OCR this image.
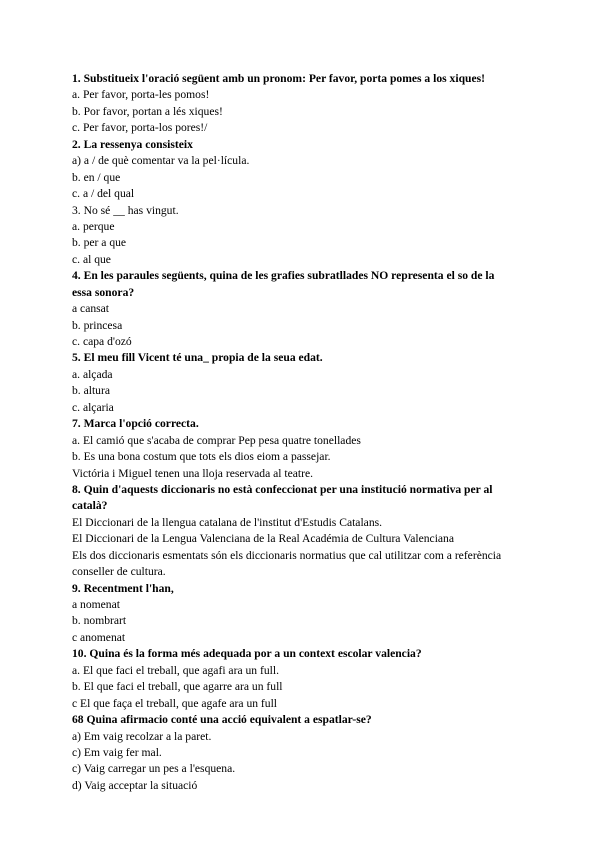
1. Substitueix l'oració següent amb un pronom: Per favor, porta pomes a los xiques!
a. Per favor, porta-les pomos!
b. Por favor, portan a lés xiques!
c. Per favor, porta-los pores!/
2. La ressenya consisteix
a) a / de què comentar va la pel·lícula.
b. en / que
c. a / del qual
3. No sé __ has vingut.
a. perque
b. per a que
c. al que
4. En les paraules següents, quina de les grafies subratllades NO representa el so de la
essa sonora?
a cansat
b. princesa
c. capa d'ozó
5. El meu fill Vicent té una_ propia de la seua edat.
a. alçada
b. altura
c. alçaria
7. Marca l'opció correcta.
a. El camió que s'acaba de comprar Pep pesa quatre tonellades
b. Es una bona costum que tots els dios eiom a passejar.
Victória i Miguel tenen una lloja reservada al teatre.
8. Quin d'aquests diccionaris no està confeccionat per una institució normativa per al
català?
El Diccionari de la llengua catalana de l'institut d'Estudis Catalans.
El Diccionari de la Lengua Valenciana de la Real Académia de Cultura Valenciana
Els dos diccionaris esmentats són els diccionaris normatius que cal utilitzar com a referència
conseller de cultura.
9. Recentment l'han,
a nomenat
b. nombrart
c anomenat
10. Quina és la forma més adequada por a un context escolar valencia?
a. El que faci el treball, que agafi ara un full.
b. El que faci el treball, que agarre ara un full
c El que faça el treball, que agafe ara un full
68 Quina afirmacio conté una acció equivalent a espatlar-se?
a) Em vaig recolzar a la paret.
c) Em vaig fer mal.
c) Vaig carregar un pes a l'esquena.
d) Vaig acceptar la situació
